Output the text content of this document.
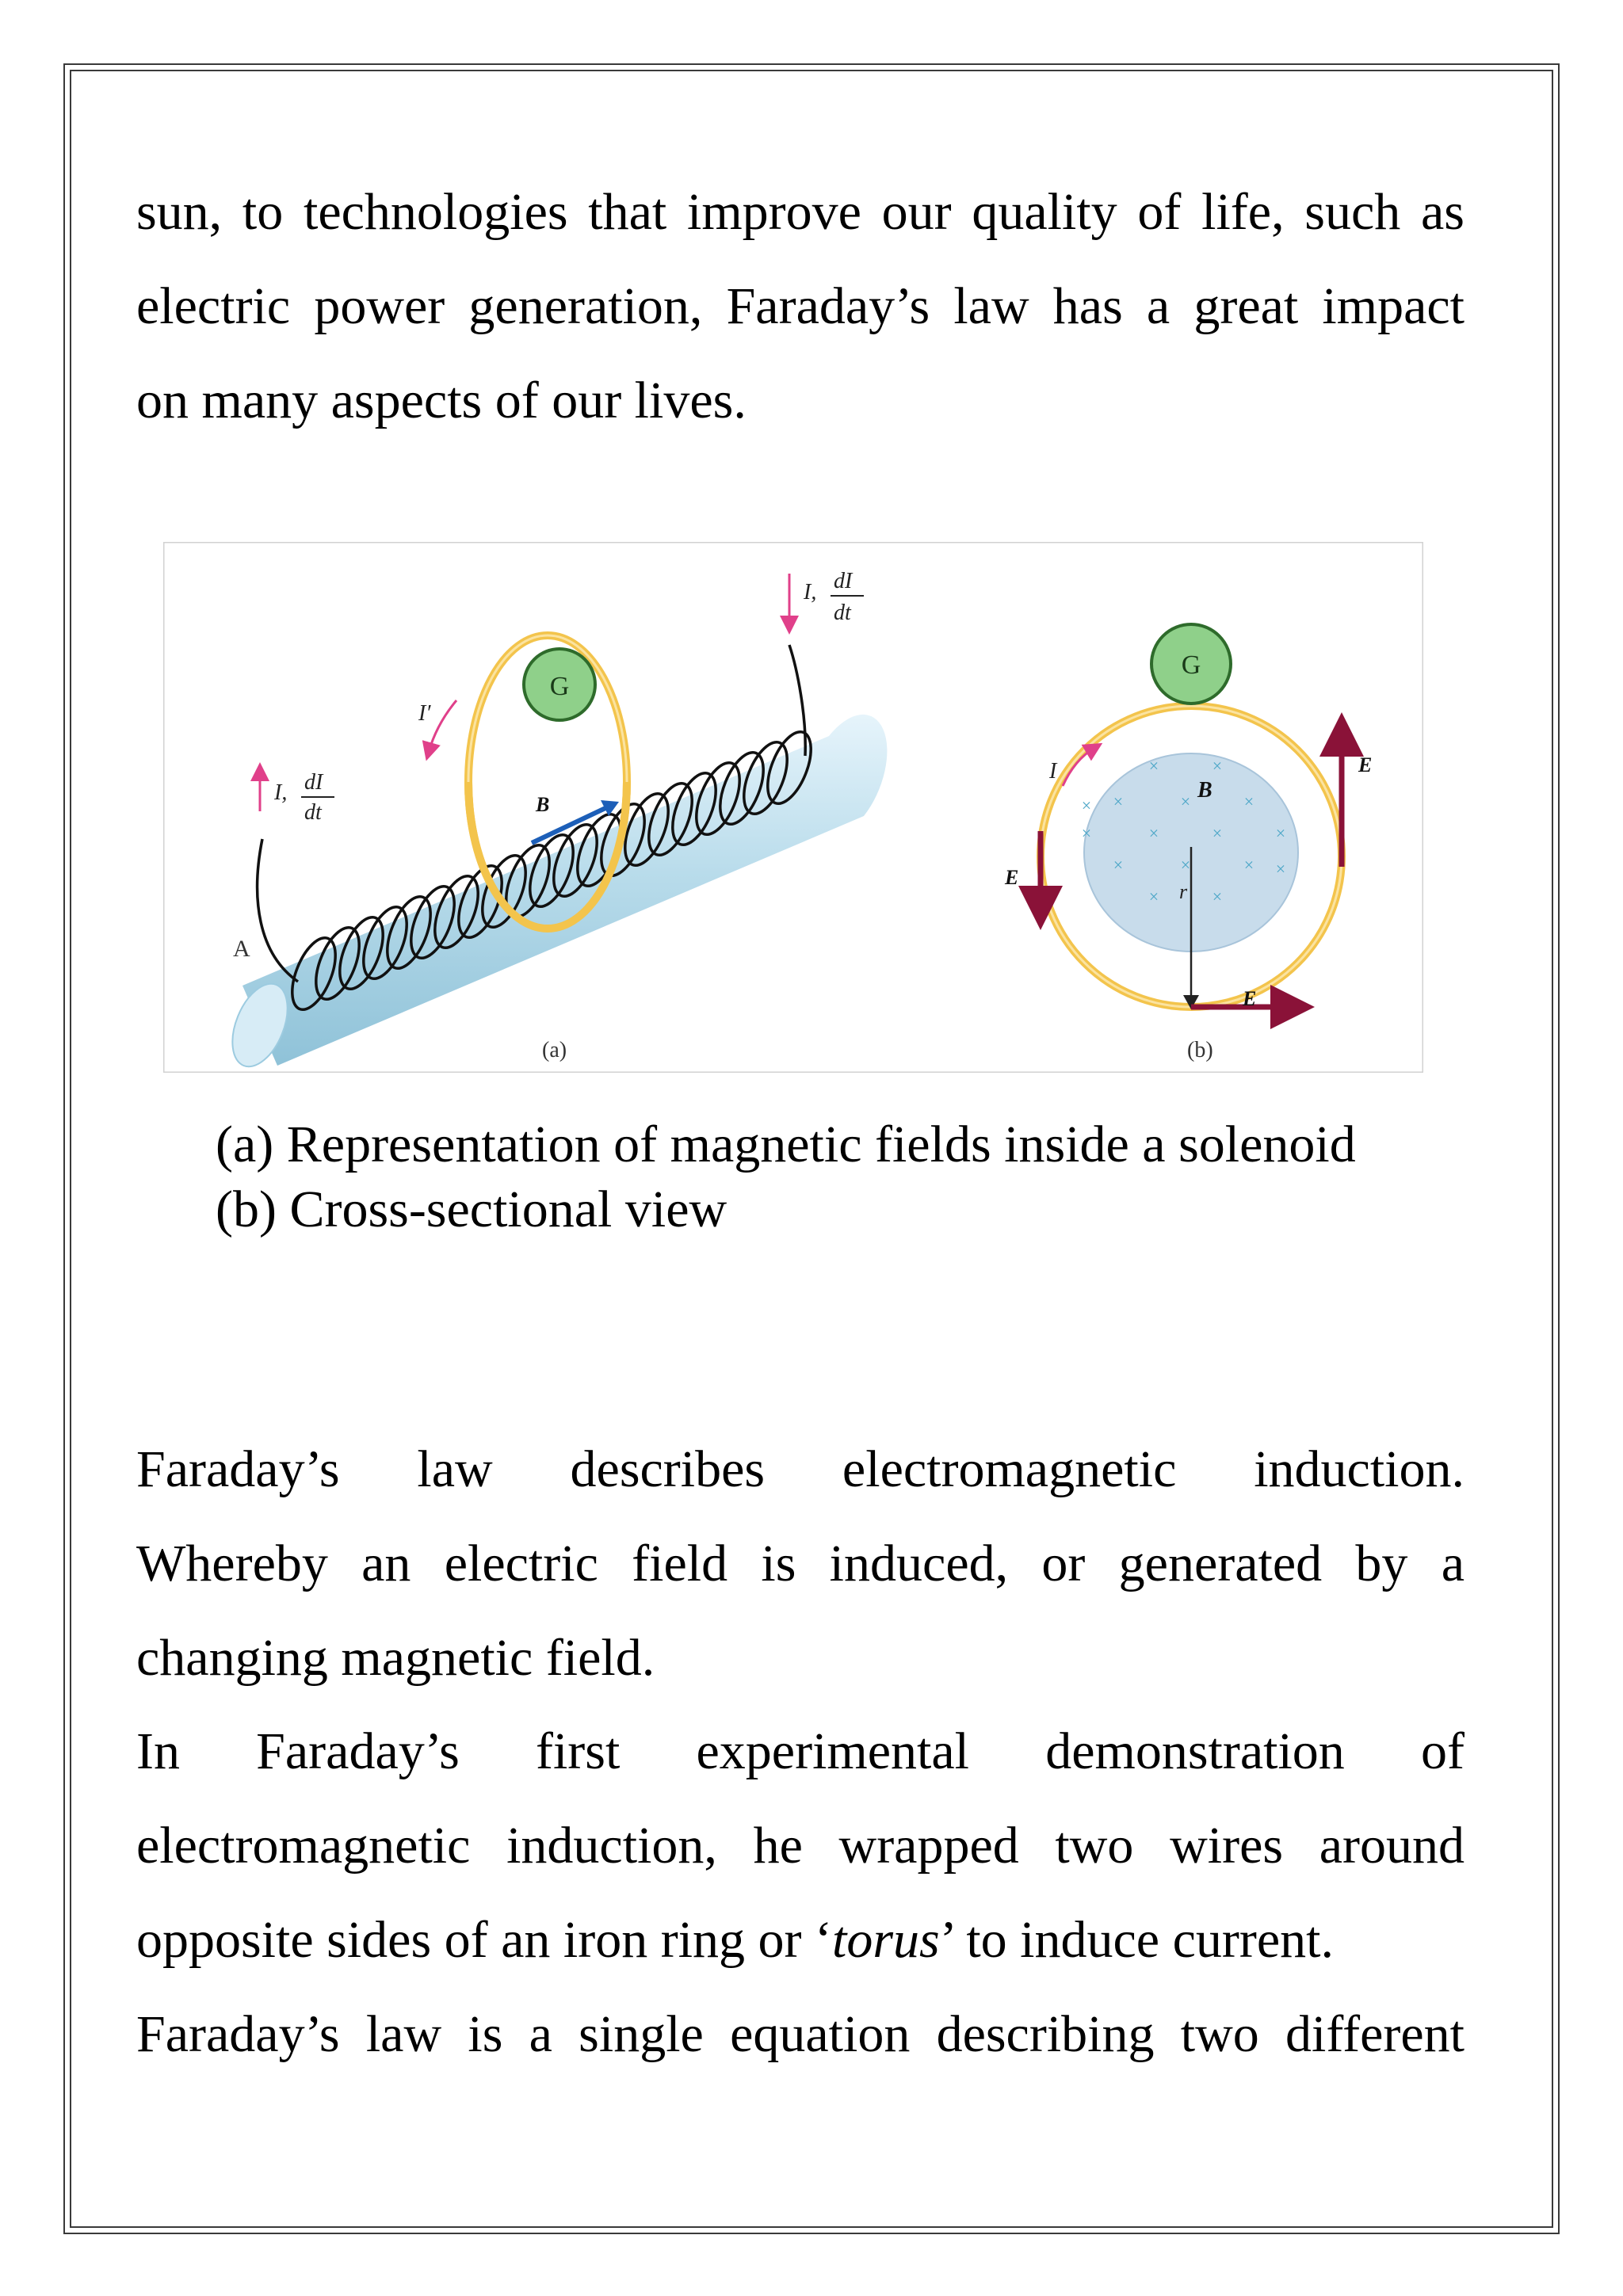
sun, to technologies that improve our quality of life, such as
electric power generation, Faraday’s law has a great impact
on many aspects of our lives.
A
G
B
I, dI
dt
I, dI
dt
I′
(a)
×	×
×	×	×
×	×	×	×
×	×	×
×	×
×
×
B
r
G
I
E
E
E
(b)
(a) Representation of magnetic fields inside a solenoid
(b) Cross-sectional view
Faraday’s law describes electromagnetic induction.
Whereby an electric field is induced, or generated by a
changing magnetic field.
In Faraday’s first experimental demonstration of
electromagnetic induction, he wrapped two wires around
opposite sides of an iron ring or ‘torus’ to induce current.
Faraday’s law is a single equation describing two different
